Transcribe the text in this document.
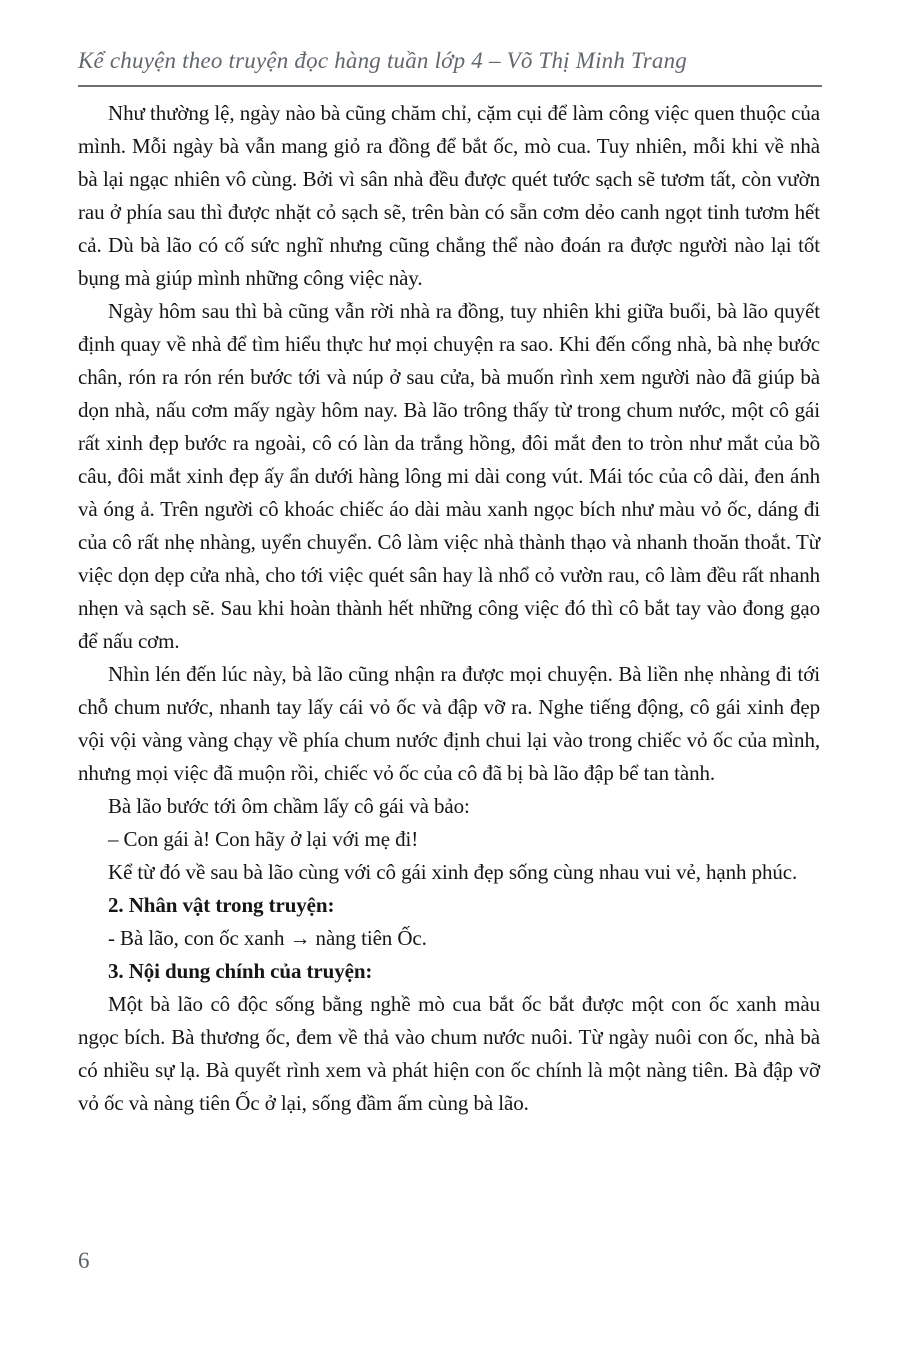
Kể chuyện theo truyện đọc hàng tuần lớp 4 – Võ Thị Minh Trang

Như thường lệ, ngày nào bà cũng chăm chỉ, cặm cụi để làm công việc quen thuộc của mình. Mỗi ngày bà vẫn mang giỏ ra đồng để bắt ốc, mò cua. Tuy nhiên, mỗi khi về nhà bà lại ngạc nhiên vô cùng. Bởi vì sân nhà đều được quét tước sạch sẽ tươm tất, còn vườn rau ở phía sau thì được nhặt cỏ sạch sẽ, trên bàn có sẵn cơm dẻo canh ngọt tinh tươm hết cả. Dù bà lão có cố sức nghĩ nhưng cũng chẳng thể nào đoán ra được người nào lại tốt bụng mà giúp mình những công việc này.

Ngày hôm sau thì bà cũng vẫn rời nhà ra đồng, tuy nhiên khi giữa buổi, bà lão quyết định quay về nhà để tìm hiểu thực hư mọi chuyện ra sao. Khi đến cổng nhà, bà nhẹ bước chân, rón ra rón rén bước tới và núp ở sau cửa, bà muốn rình xem người nào đã giúp bà dọn nhà, nấu cơm mấy ngày hôm nay. Bà lão trông thấy từ trong chum nước, một cô gái rất xinh đẹp bước ra ngoài, cô có làn da trắng hồng, đôi mắt đen to tròn như mắt của bồ câu, đôi mắt xinh đẹp ấy ẩn dưới hàng lông mi dài cong vút. Mái tóc của cô dài, đen ánh và óng ả. Trên người cô khoác chiếc áo dài màu xanh ngọc bích như màu vỏ ốc, dáng đi của cô rất nhẹ nhàng, uyển chuyển. Cô làm việc nhà thành thạo và nhanh thoăn thoắt. Từ việc dọn dẹp cửa nhà, cho tới việc quét sân hay là nhổ cỏ vườn rau, cô làm đều rất nhanh nhẹn và sạch sẽ. Sau khi hoàn thành hết những công việc đó thì cô bắt tay vào đong gạo để nấu cơm.

Nhìn lén đến lúc này, bà lão cũng nhận ra được mọi chuyện. Bà liền nhẹ nhàng đi tới chỗ chum nước, nhanh tay lấy cái vỏ ốc và đập vỡ ra. Nghe tiếng động, cô gái xinh đẹp vội vội vàng vàng chạy về phía chum nước định chui lại vào trong chiếc vỏ ốc của mình, nhưng mọi việc đã muộn rồi, chiếc vỏ ốc của cô đã bị bà lão đập bể tan tành.

Bà lão bước tới ôm chầm lấy cô gái và bảo:

– Con gái à! Con hãy ở lại với mẹ đi!

Kể từ đó về sau bà lão cùng với cô gái xinh đẹp sống cùng nhau vui vẻ, hạnh phúc.

2. Nhân vật trong truyện:

- Bà lão, con ốc xanh → nàng tiên Ốc.

3. Nội dung chính của truyện:

Một bà lão cô độc sống bằng nghề mò cua bắt ốc bắt được một con ốc xanh màu ngọc bích. Bà thương ốc, đem về thả vào chum nước nuôi. Từ ngày nuôi con ốc, nhà bà có nhiều sự lạ. Bà quyết rình xem và phát hiện con ốc chính là một nàng tiên. Bà đập vỡ vỏ ốc và nàng tiên Ốc ở lại, sống đầm ấm cùng bà lão.

6
